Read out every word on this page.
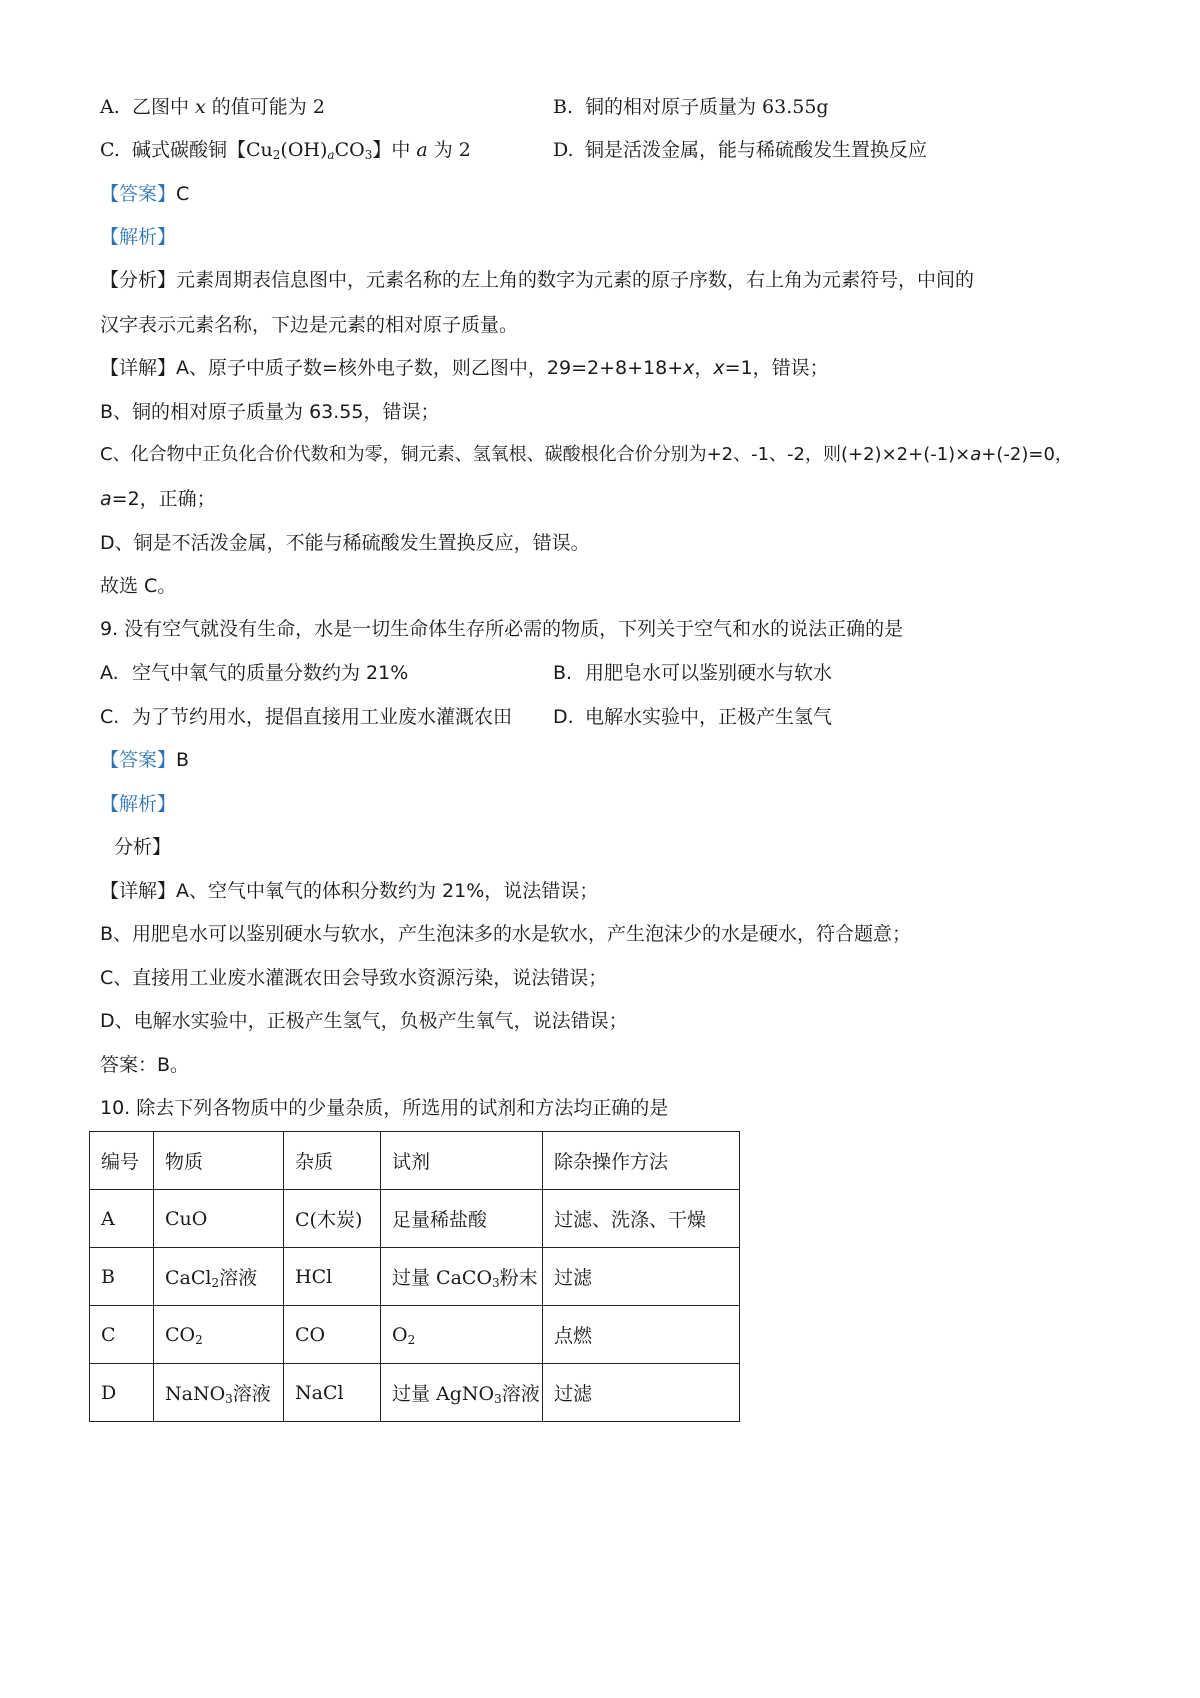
A. 乙图中 x 的值可能为 2	B. 铜的相对原子质量为 63.55g
C. 碱式碳酸铜【$Cu_2(OH)_aCO_3$】中 a 为 2	D. 铜是活泼金属，能与稀硫酸发生置换反应
【答案】C
【解析】
【分析】元素周期表信息图中，元素名称的左上角的数字为元素的原子序数，右上角为元素符号，中间的
汉字表示元素名称，下边是元素的相对原子质量。
【详解】A、原子中质子数=核外电子数，则乙图中，29=2+8+18+x，x=1，错误；
B、铜的相对原子质量为 63.55，错误；
C、化合物中正负化合价代数和为零，铜元素、氢氧根、碳酸根化合价分别为+2、-1、-2，则(+2)×2+(-1)×a+(-2)=0，
a=2，正确；
D、铜是不活泼金属，不能与稀硫酸发生置换反应，错误。
故选 C。
9. 没有空气就没有生命，水是一切生命体生存所必需的物质，下列关于空气和水的说法正确的是
A. 空气中氧气的质量分数约为 21%	B. 用肥皂水可以鉴别硬水与软水
C. 为了节约用水，提倡直接用工业废水灌溉农田 D. 电解水实验中，正极产生氢气
【答案】B
【解析】
分析】
【详解】A、空气中氧气的体积分数约为 21%，说法错误；
B、用肥皂水可以鉴别硬水与软水，产生泡沫多的水是软水，产生泡沫少的水是硬水，符合题意；
C、直接用工业废水灌溉农田会导致水资源污染，说法错误；
D、电解水实验中，正极产生氢气，负极产生氧气，说法错误；
答案：B。
10. 除去下列各物质中的少量杂质，所选用的试剂和方法均正确的是
编号	物质	杂质	试剂	除杂操作方法
A	CuO	C(木炭)	足量稀盐酸	过滤、洗涤、干燥
B	CaCl$_2$溶液	HCl	过量 CaCO$_3$粉末	过滤
C	$CO_2$	CO	$O_2$	点燃
D	NaNO$_3$溶液	NaCl	过量 AgNO$_3$溶液	过滤
